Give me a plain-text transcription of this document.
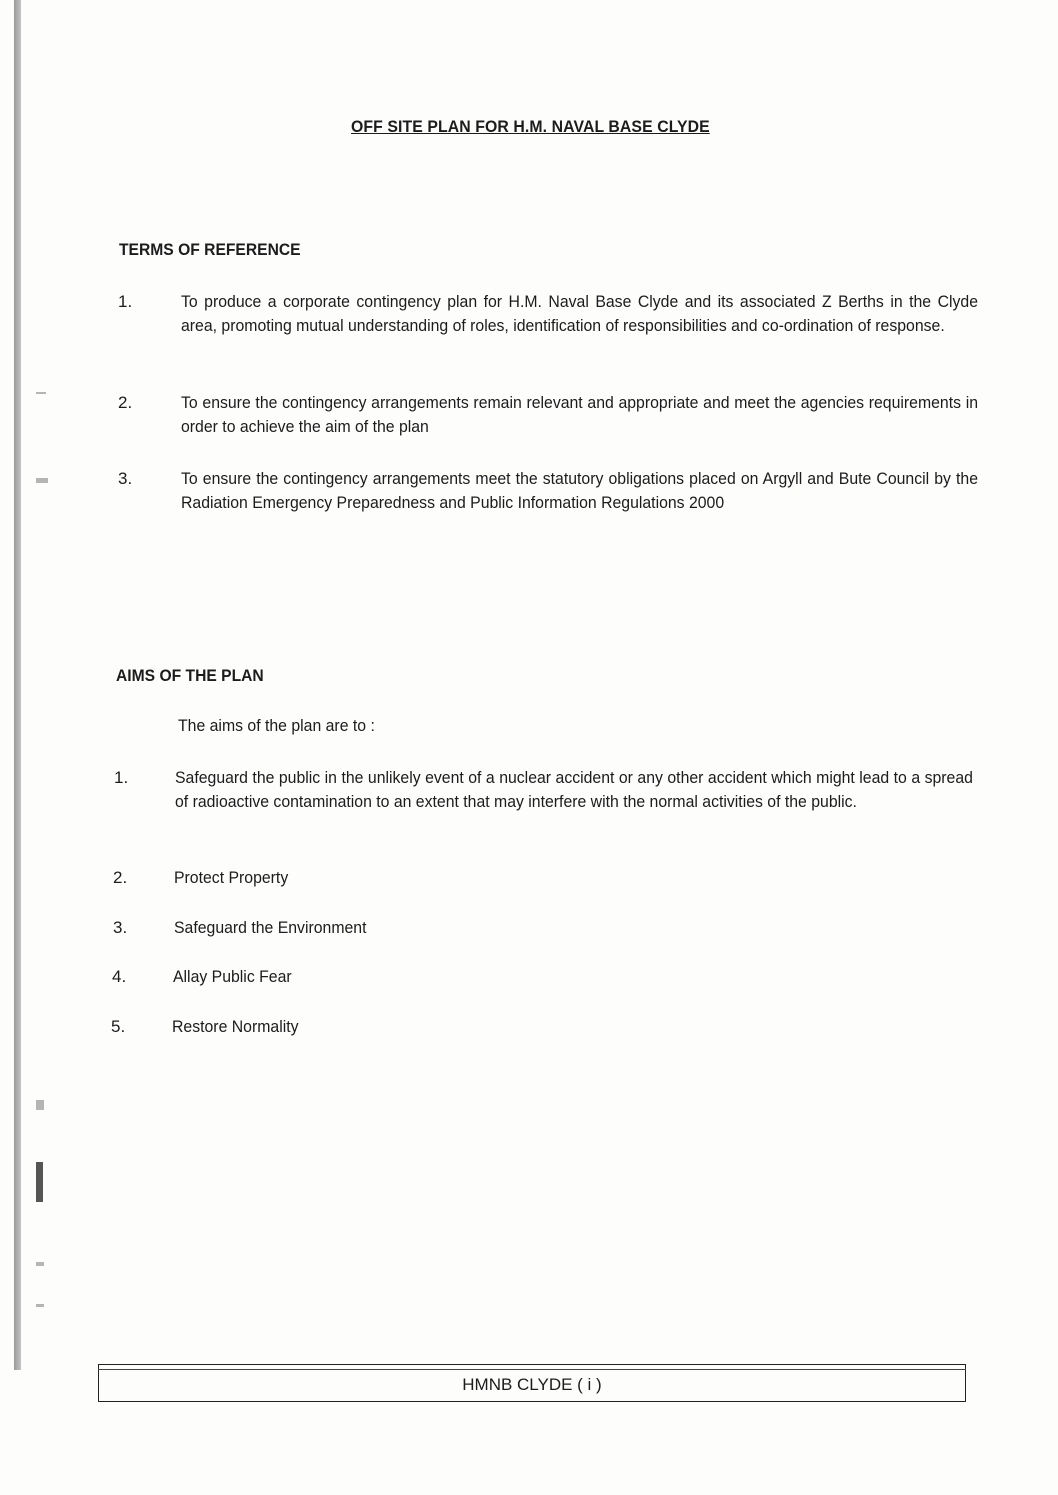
OFF SITE PLAN FOR H.M. NAVAL BASE CLYDE
TERMS OF REFERENCE
1.	To produce a corporate contingency plan for H.M. Naval Base Clyde and its associated Z Berths in the Clyde area, promoting mutual understanding of roles, identification of responsibilities and co-ordination of response.
2.	To ensure the contingency arrangements remain relevant and appropriate and meet the agencies requirements in order to achieve the aim of the plan
3.	To ensure the contingency arrangements meet the statutory obligations placed on Argyll and Bute Council by the Radiation Emergency Preparedness and Public Information Regulations 2000
AIMS OF THE PLAN
The aims of the plan are to :
1.	Safeguard the public in the unlikely event of a nuclear accident or any other accident which might lead to a spread of radioactive contamination to an extent that may interfere with the normal activities of the public.
2.	Protect Property
3.	Safeguard the Environment
4.	Allay Public Fear
5.	Restore Normality
HMNB CLYDE ( i )
